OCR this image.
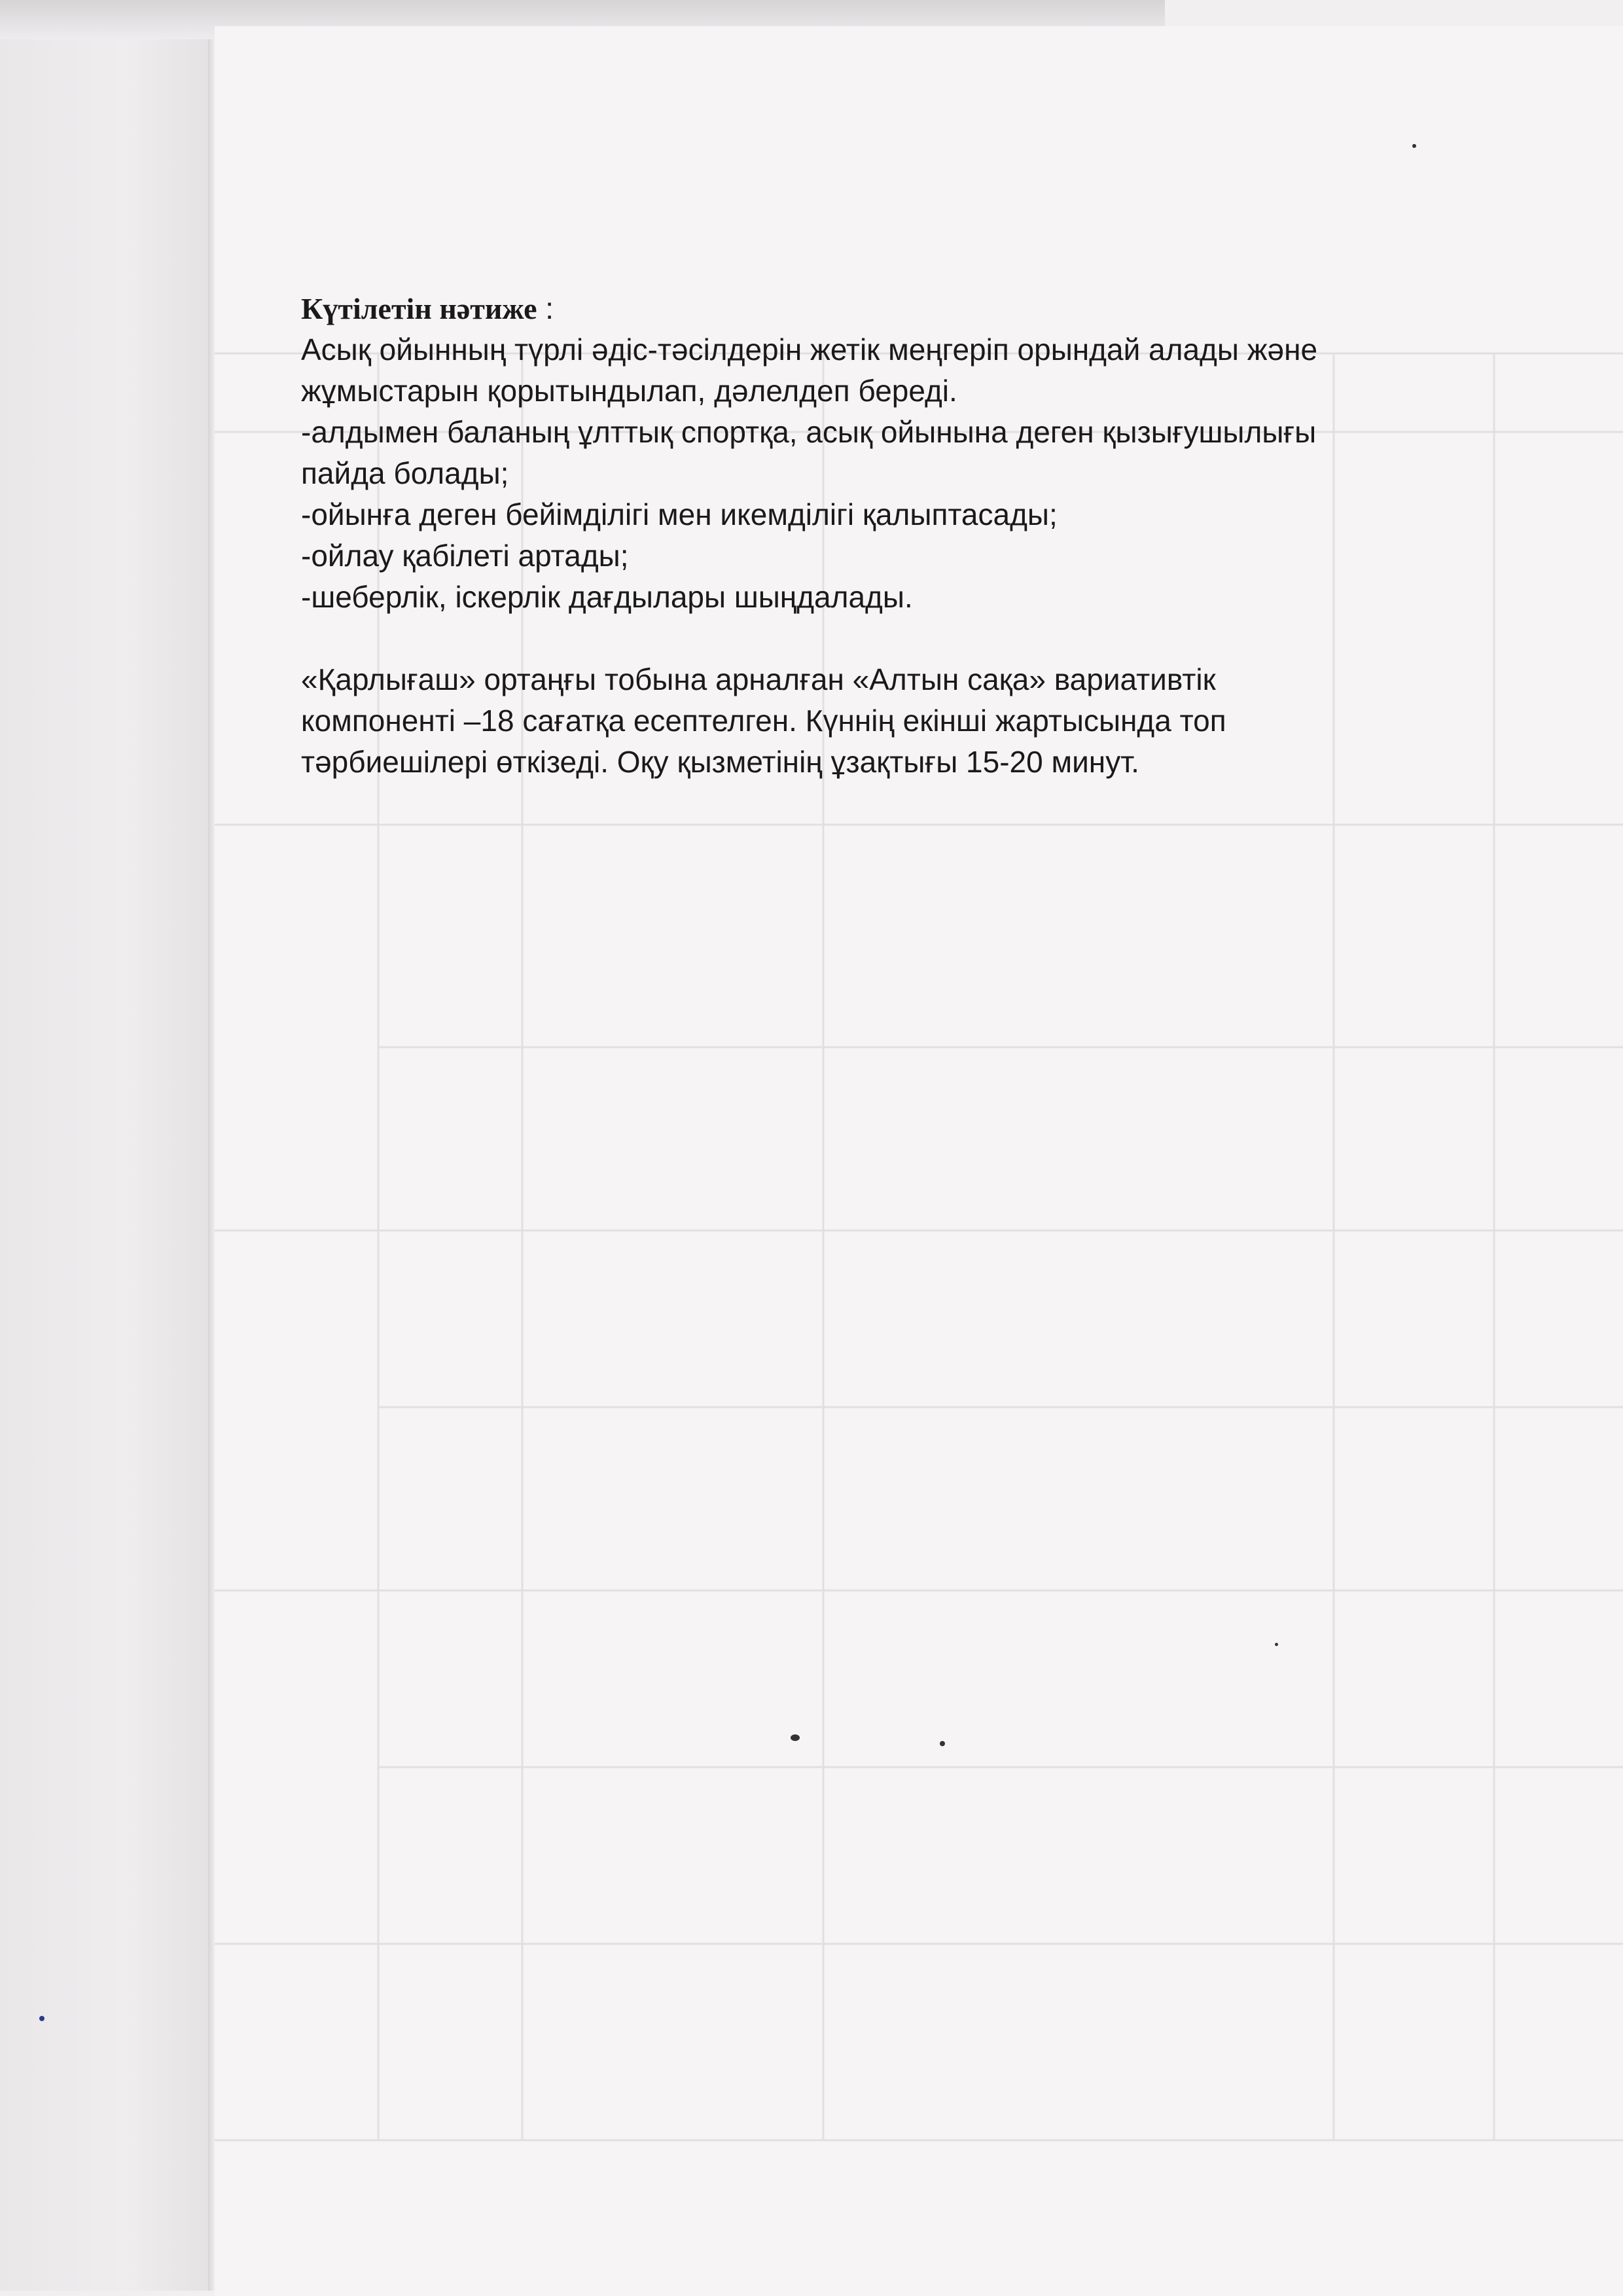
Күтілетін нәтиже :

Асық ойынның түрлі әдіс-тәсілдерін жетік меңгеріп орындай алады және

жұмыстарын қорытындылап, дәлелдеп береді.

-алдымен баланың ұлттық спортқа, асық ойынына деген қызығушылығы

пайда болады;

-ойынға деген бейімділігі мен икемділігі қалыптасады;

-ойлау қабілеті артады;

-шеберлік, іскерлік дағдылары шыңдалады.

«Қарлығаш» ортаңғы тобына арналған «Алтын сақа» вариативтік

компоненті –18 сағатқа есептелген. Күннің екінші жартысында топ

тәрбиешілері өткізеді. Оқу қызметінің ұзақтығы 15-20 минут.
